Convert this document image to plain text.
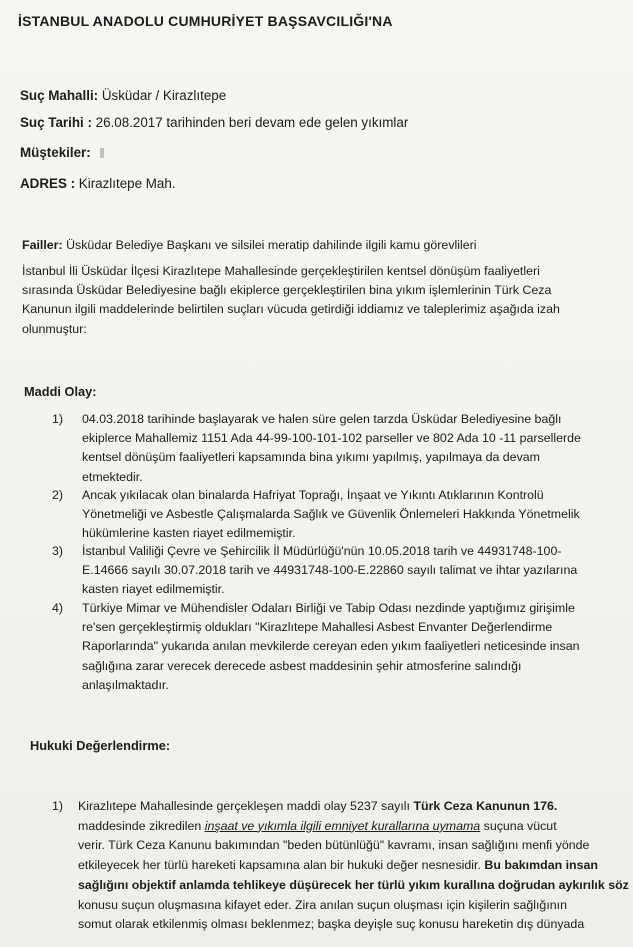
İSTANBUL ANADOLU CUMHURİYET BAŞSAVCILIĞI'NA
Suç Mahalli: Üsküdar / Kirazlıtepe
Suç Tarihi : 26.08.2017 tarihinden beri devam ede gelen yıkımlar
Müştekiler:
ADRES : Kirazlıtepe Mah.
Failler: Üsküdar Belediye Başkanı ve silsilei meratip dahilinde ilgili kamu görevlileri
İstanbul İli Üsküdar İlçesi Kirazlıtepe Mahallesinde gerçekleştirilen kentsel dönüşüm faaliyetleri
sırasında Üsküdar Belediyesine bağlı ekiplerce gerçekleştirilen bina yıkım işlemlerinin Türk Ceza
Kanunun ilgili maddelerinde belirtilen suçları vücuda getirdiği iddiamız ve taleplerimiz aşağıda izah
olunmuştur:
Maddi Olay:
1) 04.03.2018 tarihinde başlayarak ve halen süre gelen tarzda Üsküdar Belediyesine bağlı
ekiplerce Mahallemiz 1151 Ada 44-99-100-101-102 parseller ve 802 Ada 10 -11 parsellerde
kentsel dönüşüm faaliyetleri kapsamında bina yıkımı yapılmış, yapılmaya da devam
etmektedir.
2) Ancak yıkılacak olan binalarda Hafriyat Toprağı, İnşaat ve Yıkıntı Atıklarının Kontrolü
Yönetmeliği ve Asbestle Çalışmalarda Sağlık ve Güvenlik Önlemeleri Hakkında Yönetmelik
hükümlerine kasten riayet edilmemiştir.
3) İstanbul Valiliği Çevre ve Şehircilik İl Müdürlüğü'nün 10.05.2018 tarih ve 44931748-100-
E.14666 sayılı 30.07.2018 tarih ve 44931748-100-E.22860 sayılı talimat ve ihtar yazılarına
kasten riayet edilmemiştir.
4) Türkiye Mimar ve Mühendisler Odaları Birliği ve Tabip Odası nezdinde yaptığımız girişimle
re'sen gerçekleştirmiş oldukları "Kirazlıtepe Mahallesi Asbest Envanter Değerlendirme
Raporlarında" yukarıda anılan mevkilerde cereyan eden yıkım faaliyetleri neticesinde insan
sağlığına zarar verecek derecede asbest maddesinin şehir atmosferine salındığı
anlaşılmaktadır.
Hukuki Değerlendirme:
1) Kirazlıtepe Mahallesinde gerçekleşen maddi olay 5237 sayılı Türk Ceza Kanunun 176.
maddesinde zikredilen inşaat ve yıkımla ilgili emniyet kurallarına uymama suçuna vücut
verir. Türk Ceza Kanunu bakımından "beden bütünlüğü" kavramı, insan sağlığını menfi yönde
etkileyecek her türlü hareketi kapsamına alan bir hukuki değer nesnesidir. Bu bakımdan insan
sağlığını objektif anlamda tehlikeye düşürecek her türlü yıkım kurallına doğrudan aykırılık söz
konusu suçun oluşmasına kifayet eder. Zira anılan suçun oluşması için kişilerin sağlığının
somut olarak etkilenmiş olması beklenmez; başka deyişle suç konusu hareketin dış dünyada
